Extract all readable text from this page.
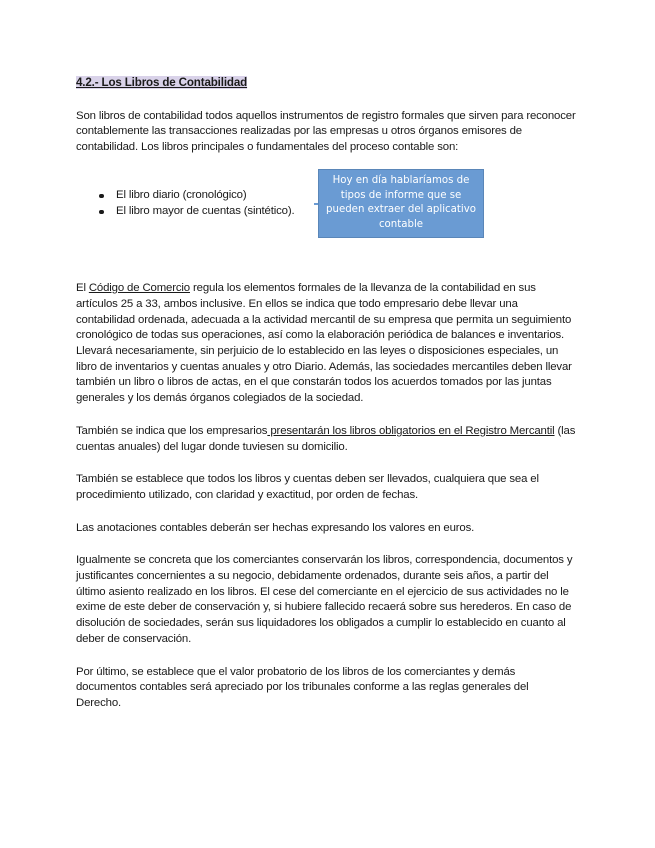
4.2.- Los Libros de Contabilidad

Son libros de contabilidad todos aquellos instrumentos de registro formales que sirven para reconocer contablemente las transacciones realizadas por las empresas u otros órganos emisores de contabilidad. Los libros principales o fundamentales del proceso contable son:

El libro diario (cronológico)
El libro mayor de cuentas (sintético).

El Código de Comercio regula los elementos formales de la llevanza de la contabilidad en sus artículos 25 a 33, ambos inclusive. En ellos se indica que todo empresario debe llevar una contabilidad ordenada, adecuada a la actividad mercantil de su empresa que permita un seguimiento cronológico de todas sus operaciones, así como la elaboración periódica de balances e inventarios. Llevará necesariamente, sin perjuicio de lo establecido en las leyes o disposiciones especiales, un libro de inventarios y cuentas anuales y otro Diario. Además, las sociedades mercantiles deben llevar también un libro o libros de actas, en el que constarán todos los acuerdos tomados por las juntas generales y los demás órganos colegiados de la sociedad.

También se indica que los empresarios presentarán los libros obligatorios en el Registro Mercantil (las cuentas anuales) del lugar donde tuviesen su domicilio.

También se establece que todos los libros y cuentas deben ser llevados, cualquiera que sea el procedimiento utilizado, con claridad y exactitud, por orden de fechas.

Las anotaciones contables deberán ser hechas expresando los valores en euros.

Igualmente se concreta que los comerciantes conservarán los libros, correspondencia, documentos y justificantes concernientes a su negocio, debidamente ordenados, durante seis años, a partir del último asiento realizado en los libros. El cese del comerciante en el ejercicio de sus actividades no le exime de este deber de conservación y, si hubiere fallecido recaerá sobre sus herederos. En caso de disolución de sociedades, serán sus liquidadores los obligados a cumplir lo establecido en cuanto al deber de conservación.

Por último, se establece que el valor probatorio de los libros de los comerciantes y demás documentos contables será apreciado por los tribunales conforme a las reglas generales del Derecho.

Hoy en día hablaríamos de tipos de informe que se pueden extraer del aplicativo contable
